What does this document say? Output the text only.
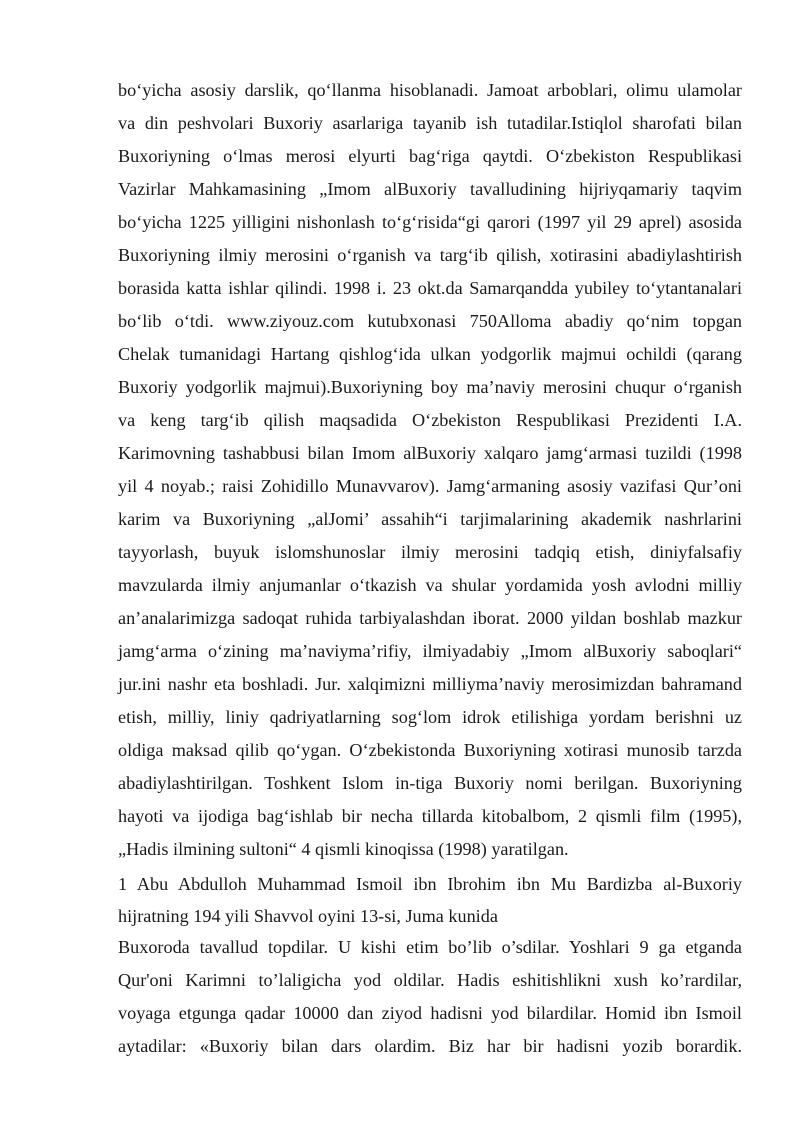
bo‘yicha asosiy darslik, qo‘llanma hisoblanadi. Jamoat arboblari, olimu ulamolar
va din peshvolari Buxoriy asarlariga tayanib ish tutadilar.Istiqlol sharofati bilan
Buxoriyning o‘lmas merosi elyurti bag‘riga qaytdi. O‘zbekiston Respublikasi
Vazirlar Mahkamasining „Imom alBuxoriy tavalludining hijriyqamariy taqvim
bo‘yicha 1225 yilligini nishonlash to‘g‘risida“gi qarori (1997 yil 29 aprel) asosida
Buxoriyning ilmiy merosini o‘rganish va targ‘ib qilish, xotirasini abadiylashtirish
borasida katta ishlar qilindi. 1998 i. 23 okt.da Samarqandda yubiley to‘ytantanalari
bo‘lib o‘tdi. www.ziyouz.com kutubxonasi 750Alloma abadiy qo‘nim topgan
Chelak tumanidagi Hartang qishlog‘ida ulkan yodgorlik majmui ochildi (qarang
Buxoriy yodgorlik majmui).Buxoriyning boy ma’naviy merosini chuqur o‘rganish
va keng targ‘ib qilish maqsadida O‘zbekiston Respublikasi Prezidenti I.A.
Karimovning tashabbusi bilan Imom alBuxoriy xalqaro jamg‘armasi tuzildi (1998
yil 4 noyab.; raisi Zohidillo Munavvarov). Jamg‘armaning asosiy vazifasi Qur’oni
karim va Buxoriyning „alJomi’ assahih“i tarjimalarining akademik nashrlarini
tayyorlash, buyuk islomshunoslar ilmiy merosini tadqiq etish, diniyfalsafiy
mavzularda ilmiy anjumanlar o‘tkazish va shular yordamida yosh avlodni milliy
an’analarimizga sadoqat ruhida tarbiyalashdan iborat. 2000 yildan boshlab mazkur
jamg‘arma o‘zining ma’naviyma’rifiy, ilmiyadabiy „Imom alBuxoriy saboqlari“
jur.ini nashr eta boshladi. Jur. xalqimizni milliyma’naviy merosimizdan bahramand
etish, milliy, liniy qadriyatlarning sog‘lom idrok etilishiga yordam berishni uz
oldiga maksad qilib qo‘ygan. O‘zbekistonda Buxoriyning xotirasi munosib tarzda
abadiylashtirilgan. Toshkent Islom in-tiga Buxoriy nomi berilgan. Buxoriyning
hayoti va ijodiga bag‘ishlab bir necha tillarda kitobalbom, 2 qismli film (1995),
„Hadis ilmining sultoni“ 4 qismli kinoqissa (1998) yaratilgan.
1 Abu Abdulloh Muhammad Ismoil ibn Ibrohim ibn Mu Bardizba al-Buxoriy
hijratning 194 yili Shavvol oyini 13-si, Juma kunida
Buxoroda tavallud topdilar. U kishi etim bo’lib o’sdilar. Yoshlari 9 ga etganda
Qur'oni Karimni to’laligicha yod oldilar. Hadis eshitishlikni xush ko’rardilar,
voyaga etgunga qadar 10000 dan ziyod hadisni yod bilardilar. Homid ibn Ismoil
aytadilar: «Buxoriy bilan dars olardim. Biz har bir hadisni yozib borardik.
